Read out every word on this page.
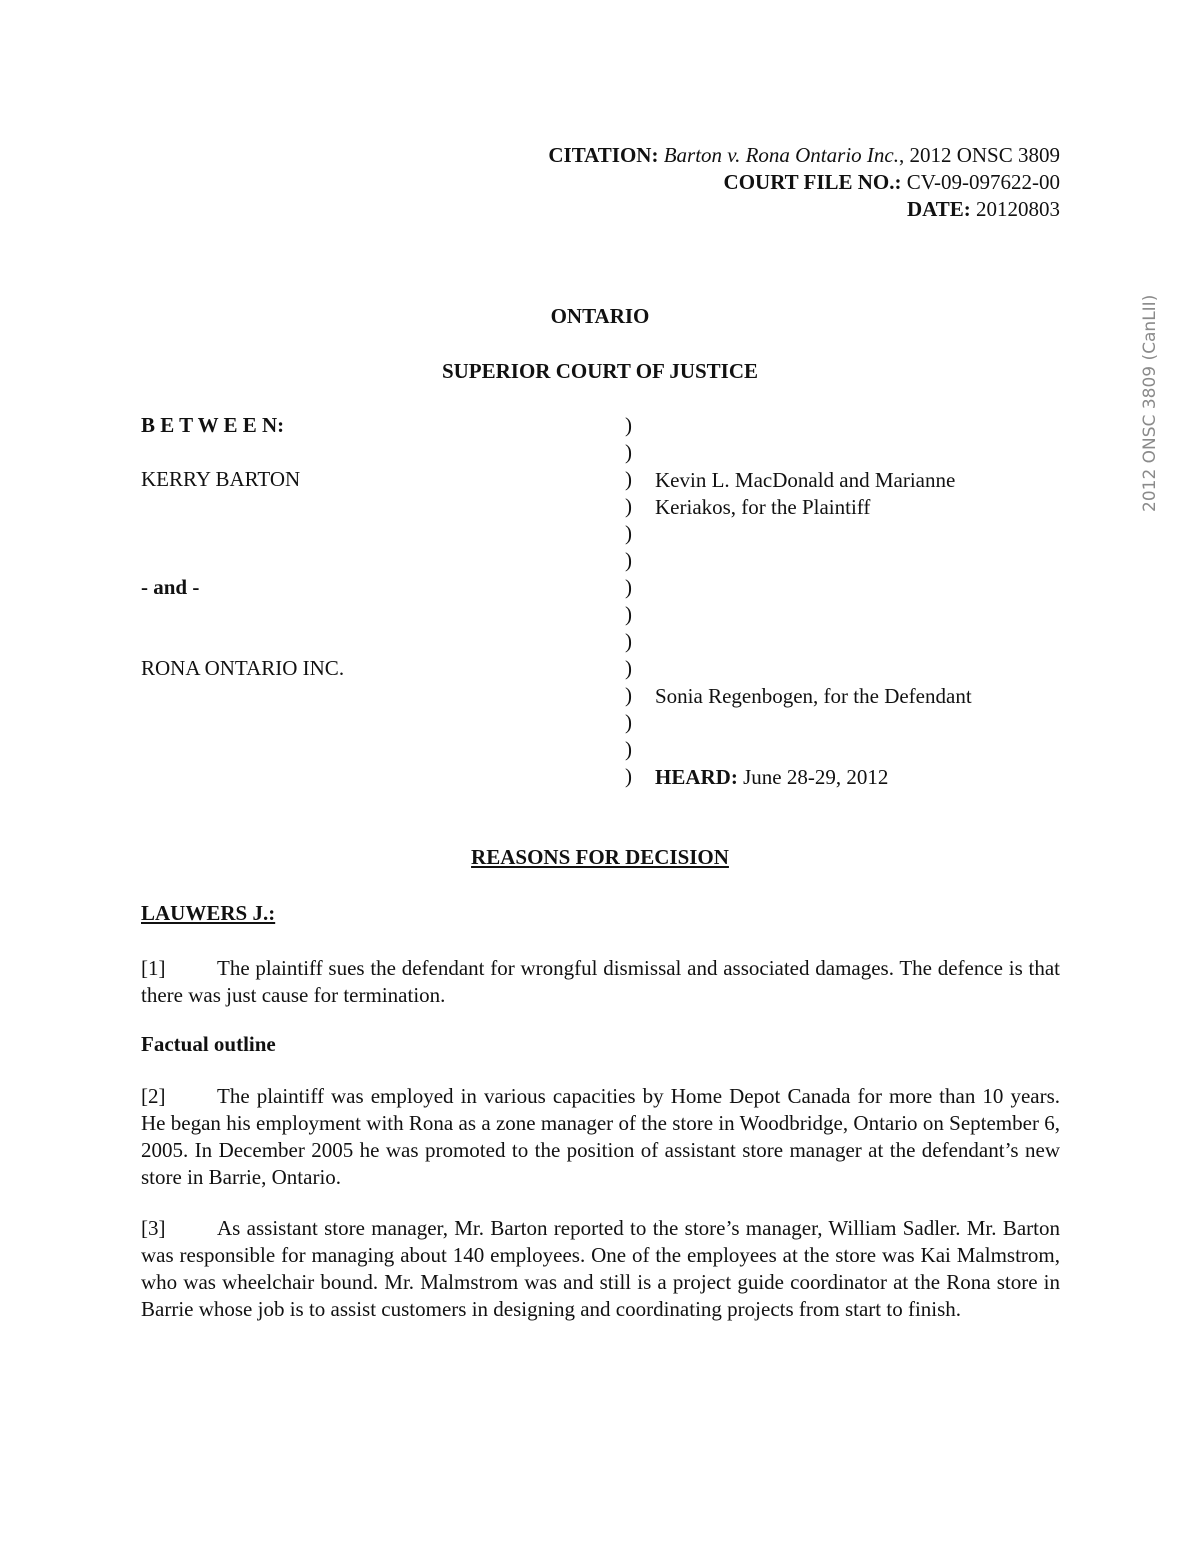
CITATION: Barton v. Rona Ontario Inc., 2012 ONSC 3809
COURT FILE NO.: CV-09-097622-00
DATE: 20120803
2012 ONSC 3809 (CanLII)
ONTARIO
SUPERIOR COURT OF JUSTICE
B E T W E E N:
KERRY BARTON
- and -
RONA ONTARIO INC.
)
)
)
)
)
)
)
)
)
)
)
)
)
)
Kevin L. MacDonald and Marianne
Keriakos, for the Plaintiff
Sonia Regenbogen, for the Defendant
HEARD: June 28-29, 2012
REASONS FOR DECISION
LAUWERS J.:
[1] The plaintiff sues the defendant for wrongful dismissal and associated damages. The defence is that there was just cause for termination.
Factual outline
[2] The plaintiff was employed in various capacities by Home Depot Canada for more than 10 years. He began his employment with Rona as a zone manager of the store in Woodbridge, Ontario on September 6, 2005. In December 2005 he was promoted to the position of assistant store manager at the defendant’s new store in Barrie, Ontario.
[3] As assistant store manager, Mr. Barton reported to the store’s manager, William Sadler. Mr. Barton was responsible for managing about 140 employees. One of the employees at the store was Kai Malmstrom, who was wheelchair bound. Mr. Malmstrom was and still is a project guide coordinator at the Rona store in Barrie whose job is to assist customers in designing and coordinating projects from start to finish.
